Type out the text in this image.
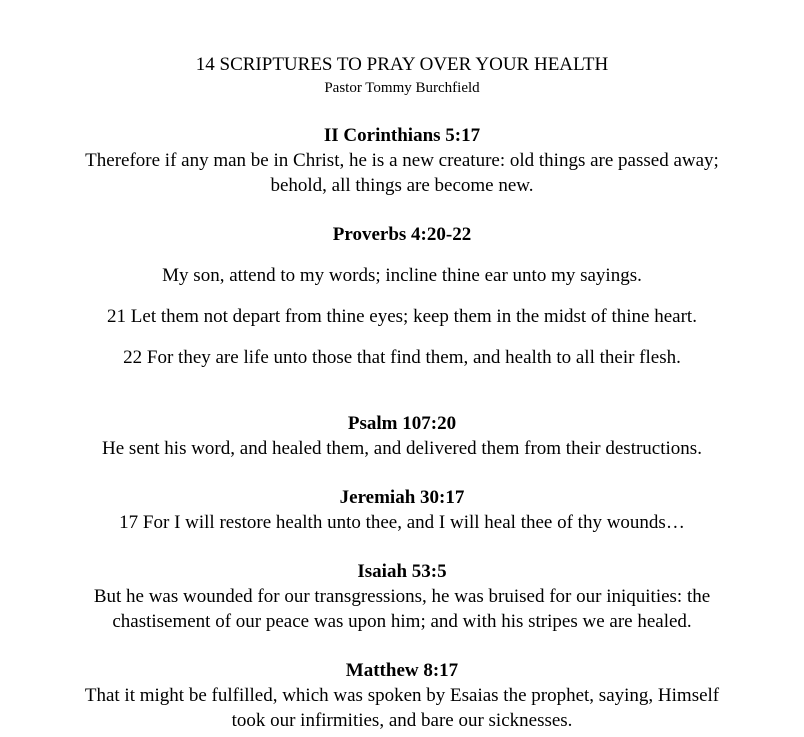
14 SCRIPTURES TO PRAY OVER YOUR HEALTH
Pastor Tommy Burchfield
II Corinthians 5:17
Therefore if any man be in Christ, he is a new creature: old things are passed away;
behold, all things are become new.
Proverbs 4:20-22
My son, attend to my words; incline thine ear unto my sayings.
21 Let them not depart from thine eyes; keep them in the midst of thine heart.
22 For they are life unto those that find them, and health to all their flesh.
Psalm 107:20
He sent his word, and healed them, and delivered them from their destructions.
Jeremiah 30:17
17 For I will restore health unto thee, and I will heal thee of thy wounds…
Isaiah 53:5
But he was wounded for our transgressions, he was bruised for our iniquities: the
chastisement of our peace was upon him; and with his stripes we are healed.
Matthew 8:17
That it might be fulfilled, which was spoken by Esaias the prophet, saying, Himself
took our infirmities, and bare our sicknesses.
